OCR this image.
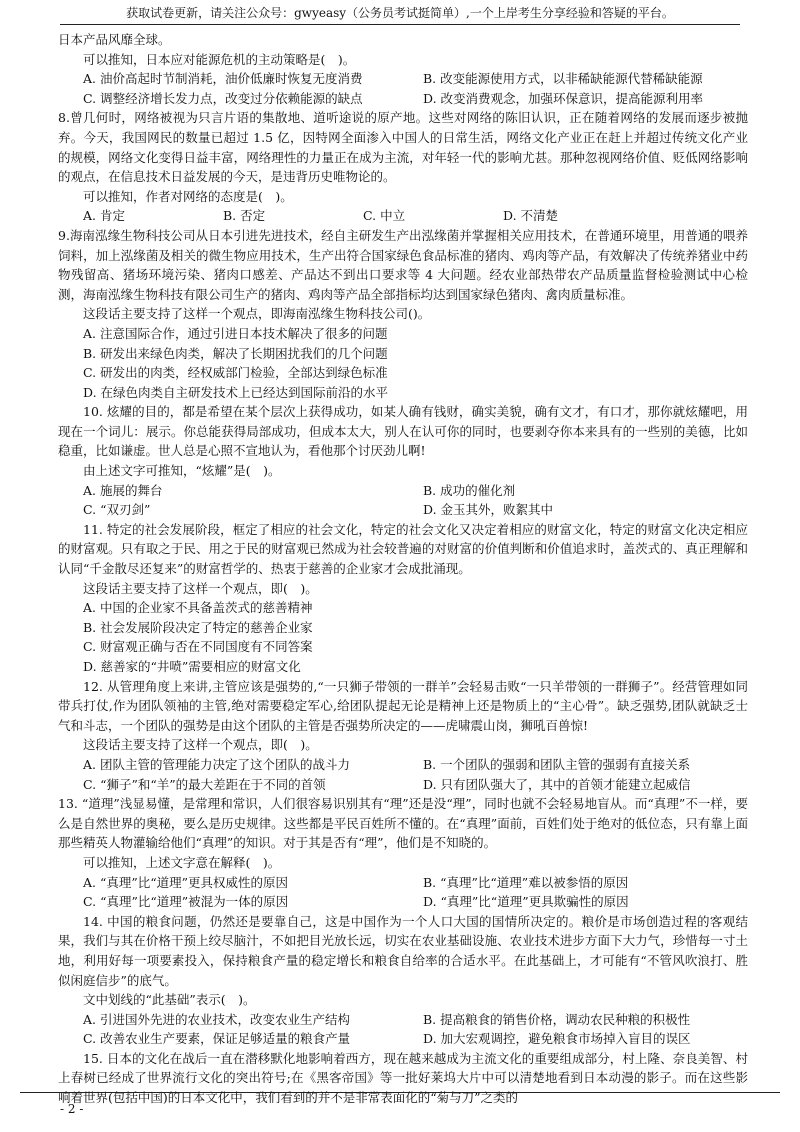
获取试卷更新，请关注公众号：gwyeasy（公务员考试挺简单）,一个上岸考生分享经验和答疑的平台。

日本产品风靡全球。

可以推知，日本应对能源危机的主动策略是(　)。

A. 油价高起时节制消耗，油价低廉时恢复无度消费	B. 改变能源使用方式，以非稀缺能源代替稀缺能源
C. 调整经济增长发力点，改变过分依赖能源的缺点	D. 改变消费观念，加强环保意识，提高能源利用率

8.曾几何时，网络被视为只言片语的集散地、道听途说的原产地。这些对网络的陈旧认识，正在随着网络的发展而逐步被抛弃。今天，我国网民的数量已超过 1.5 亿，因特网全面渗入中国人的日常生活，网络文化产业正在赶上并超过传统文化产业的规模，网络文化变得日益丰富，网络理性的力量正在成为主流，对年轻一代的影响尤甚。那种忽视网络价值、贬低网络影响的观点，在信息技术日益发展的今天，是违背历史唯物论的。

可以推知，作者对网络的态度是(　)。

A. 肯定	B. 否定	C. 中立	D. 不清楚

9.海南泓缘生物科技公司从日本引进先进技术，经自主研发生产出泓缘菌并掌握相关应用技术，在普通环境里，用普通的喂养饲料，加上泓缘菌及相关的微生物应用技术，生产出符合国家绿色食品标准的猪肉、鸡肉等产品，有效解决了传统养猪业中药物残留高、猪场环境污染、猪肉口感差、产品达不到出口要求等 4 大问题。经农业部热带农产品质量监督检验测试中心检测，海南泓缘生物科技有限公司生产的猪肉、鸡肉等产品全部指标均达到国家绿色猪肉、禽肉质量标准。

这段话主要支持了这样一个观点，即海南泓缘生物科技公司()。

A. 注意国际合作，通过引进日本技术解决了很多的问题

B. 研发出来绿色肉类，解决了长期困扰我们的几个问题

C. 研发出的肉类，经权威部门检验，全部达到绿色标准

D. 在绿色肉类自主研发技术上已经达到国际前沿的水平

10. 炫耀的目的，都是希望在某个层次上获得成功，如某人确有钱财，确实美貌，确有文才，有口才，那你就炫耀吧，用现在一个词儿：展示。你总能获得局部成功，但成本太大，别人在认可你的同时，也要剥夺你本来具有的一些别的美德，比如稳重，比如谦虚。世人总是心照不宣地认为，看他那个讨厌劲儿啊!

由上述文字可推知，“炫耀”是(　)。

A. 施展的舞台	B. 成功的催化剂
C. “双刃剑”	D. 金玉其外，败絮其中

11. 特定的社会发展阶段，框定了相应的社会文化，特定的社会文化又决定着相应的财富文化，特定的财富文化决定相应的财富观。只有取之于民、用之于民的财富观已然成为社会较普遍的对财富的价值判断和价值追求时，盖茨式的、真正理解和认同“千金散尽还复来”的财富哲学的、热衷于慈善的企业家才会成批涌现。

这段话主要支持了这样一个观点，即(　)。

A. 中国的企业家不具备盖茨式的慈善精神

B. 社会发展阶段决定了特定的慈善企业家

C. 财富观正确与否在不同国度有不同答案

D. 慈善家的“井喷”需要相应的财富文化

12. 从管理角度上来讲,主管应该是强势的,“一只狮子带领的一群羊”会轻易击败“一只羊带领的一群狮子”。经营管理如同带兵打仗,作为团队领袖的主管,绝对需要稳定军心,给团队提起无论是精神上还是物质上的“主心骨”。缺乏强势,团队就缺乏士气和斗志，一个团队的强势是由这个团队的主管是否强势所决定的——虎啸震山岗，狮吼百兽惊!

这段话主要支持了这样一个观点，即(　)。

A. 团队主管的管理能力决定了这个团队的战斗力	B. 一个团队的强弱和团队主管的强弱有直接关系
C. “狮子”和“羊”的最大差距在于不同的首领	D. 只有团队强大了，其中的首领才能建立起威信

13. “道理”浅显易懂，是常理和常识，人们很容易识别其有“理”还是没“理”，同时也就不会轻易地盲从。而“真理”不一样，要么是自然世界的奥秘，要么是历史规律。这些都是平民百姓所不懂的。在“真理”面前，百姓们处于绝对的低位态，只有靠上面那些精英人物灌输给他们“真理”的知识。对于其是否有“理”，他们是不知晓的。

可以推知，上述文字意在解释(　)。

A. “真理”比“道理”更具权威性的原因	B. “真理”比“道理”难以被参悟的原因
C. “真理”比“道理”被混为一体的原因	D. “真理”比“道理”更具欺骗性的原因

14. 中国的粮食问题，仍然还是要靠自己，这是中国作为一个人口大国的国情所决定的。粮价是市场创造过程的客观结果，我们与其在价格干预上绞尽脑汁，不如把目光放长远，切实在农业基础设施、农业技术进步方面下大力气，珍惜每一寸土地，利用好每一项要素投入，保持粮食产量的稳定增长和粮食自给率的合适水平。在此基础上，才可能有“不管风吹浪打、胜似闲庭信步”的底气。

文中划线的“此基础”表示(　)。

A. 引进国外先进的农业技术，改变农业生产结构	B. 提高粮食的销售价格，调动农民种粮的积极性
C. 改善农业生产要素，保证足够适量的粮食产量	D. 加大宏观调控，避免粮食市场掉入盲目的误区

15. 日本的文化在战后一直在潜移默化地影响着西方，现在越来越成为主流文化的重要组成部分，村上隆、奈良美智、村上春树已经成了世界流行文化的突出符号;在《黑客帝国》等一批好莱坞大片中可以清楚地看到日本动漫的影子。而在这些影响着世界(包括中国)的日本文化中，我们看到的并不是非常表面化的“菊与刀”之类的

- 2 -
